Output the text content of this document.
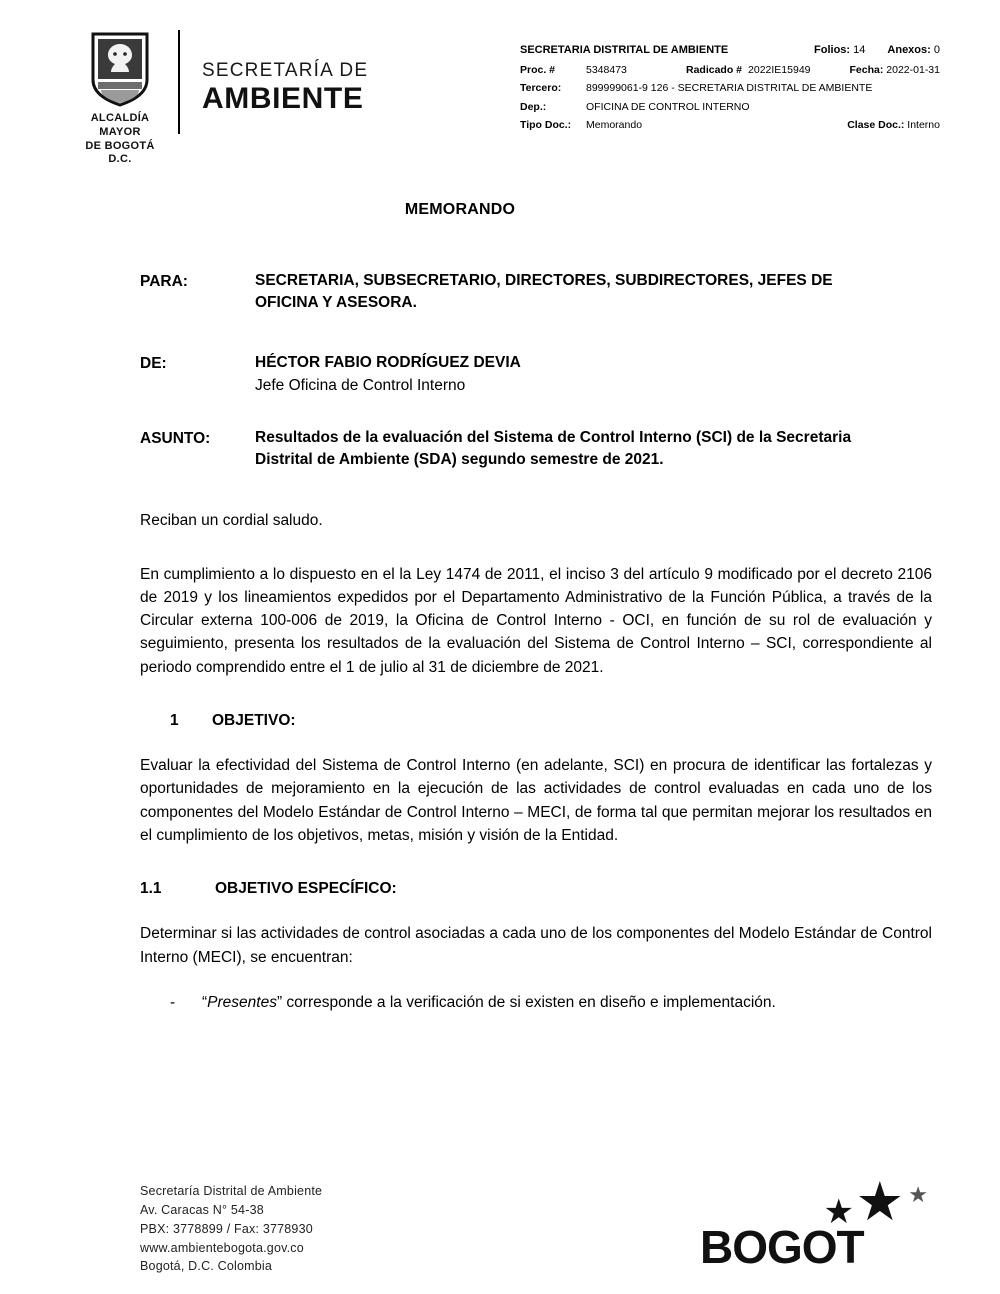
ALCALDÍA MAYOR
DE BOGOTÁ D.C.
SECRETARÍA DE
AMBIENTE
SECRETARIA DISTRITAL DE AMBIENTE	Folios: 14 Anexos: 0
Proc. #	5348473	Radicado # 2022IE15949	Fecha: 2022-01-31
Tercero:	899999061-9 126 - SECRETARIA DISTRITAL DE AMBIENTE
Dep.:	OFICINA DE CONTROL INTERNO
Tipo Doc.:	Memorando	Clase Doc.: Interno
MEMORANDO
PARA:	SECRETARIA, SUBSECRETARIO, DIRECTORES, SUBDIRECTORES, JEFES DE OFICINA Y ASESORA.
DE:	HÉCTOR FABIO RODRÍGUEZ DEVIA
Jefe Oficina de Control Interno
ASUNTO:	Resultados de la evaluación del Sistema de Control Interno (SCI) de la Secretaria Distrital de Ambiente (SDA) segundo semestre de 2021.

Reciban un cordial saludo.

En cumplimiento a lo dispuesto en el la Ley 1474 de 2011, el inciso 3 del artículo 9 modificado por el decreto 2106 de 2019 y los lineamientos expedidos por el Departamento Administrativo de la Función Pública, a través de la Circular externa 100-006 de 2019, la Oficina de Control Interno - OCI, en función de su rol de evaluación y seguimiento, presenta los resultados de la evaluación del Sistema de Control Interno – SCI, correspondiente al periodo comprendido entre el 1 de julio al 31 de diciembre de 2021.

1 OBJETIVO:

Evaluar la efectividad del Sistema de Control Interno (en adelante, SCI) en procura de identificar las fortalezas y oportunidades de mejoramiento en la ejecución de las actividades de control evaluadas en cada uno de los componentes del Modelo Estándar de Control Interno – MECI, de forma tal que permitan mejorar los resultados en el cumplimiento de los objetivos, metas, misión y visión de la Entidad.

1.1	OBJETIVO ESPECÍFICO:

Determinar si las actividades de control asociadas a cada uno de los componentes del Modelo Estándar de Control Interno (MECI), se encuentran:

-	“Presentes” corresponde a la verificación de si existen en diseño e implementación.
Secretaría Distrital de Ambiente
Av. Caracas N° 54-38
PBX: 3778899 / Fax: 3778930
www.ambientebogota.gov.co
Bogotá, D.C. Colombia
★
★ ★
BOGOT
